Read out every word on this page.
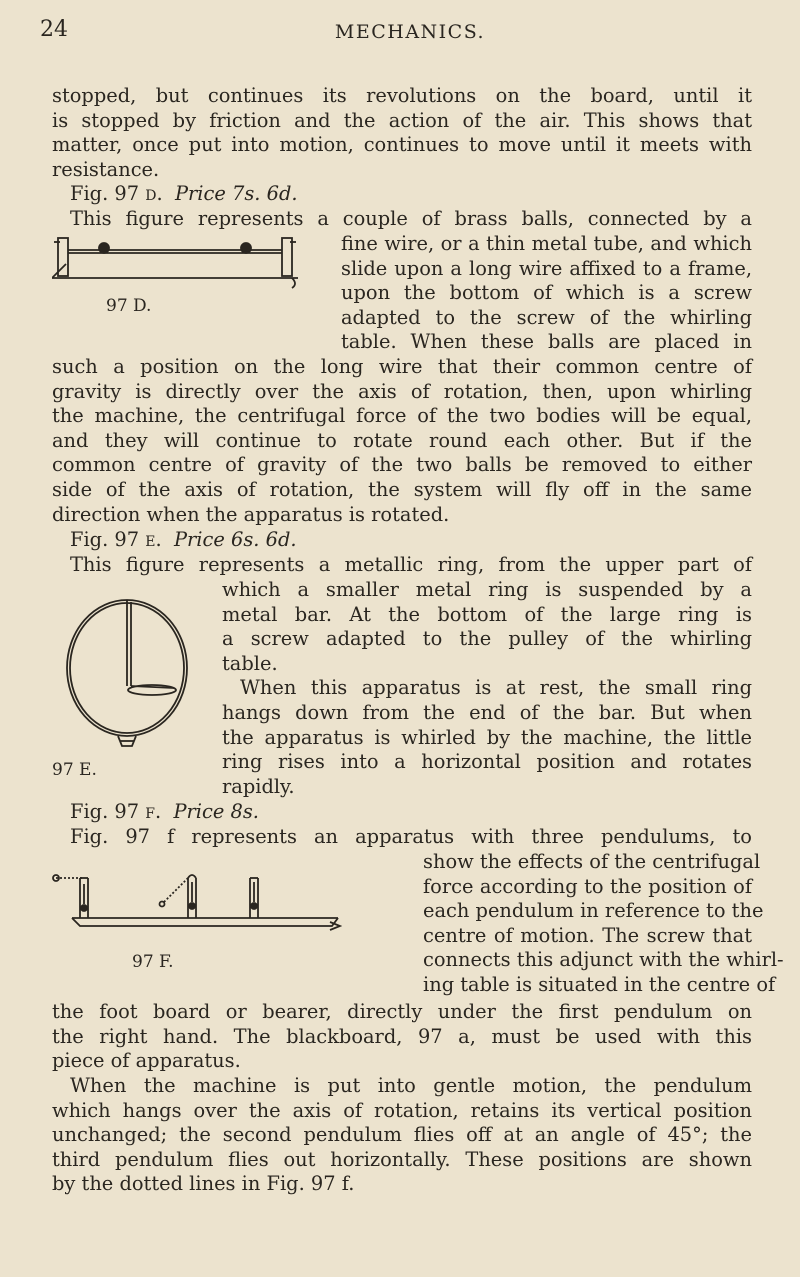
24	MECHANICS.
stopped, but continues its revolutions on the board, until it
is stopped by friction and the action of the air. This shows that
matter, once put into motion, continues to move until it meets with
resistance.
Fig. 97 d. Price 7s. 6d.
This figure represents a couple of brass balls, connected by a
97 D.
fine wire, or a thin metal tube, and which
slide upon a long wire affixed to a frame,
upon the bottom of which is a screw
adapted to the screw of the whirling
table. When these balls are placed in
such a position on the long wire that their common centre of
gravity is directly over the axis of rotation, then, upon whirling
the machine, the centrifugal force of the two bodies will be equal,
and they will continue to rotate round each other. But if the
common centre of gravity of the two balls be removed to either
side of the axis of rotation, the system will fly off in the same
direction when the apparatus is rotated.
Fig. 97 e. Price 6s. 6d.
This figure represents a metallic ring, from the upper part of
97 E.
which a smaller metal ring is suspended by a
metal bar. At the bottom of the large ring is
a screw adapted to the pulley of the whirling
table.
When this apparatus is at rest, the small ring
hangs down from the end of the bar. But when
the apparatus is whirled by the machine, the little
ring rises into a horizontal position and rotates
rapidly.
Fig. 97 f. Price 8s.
Fig. 97 f represents an apparatus with three pendulums, to
97 F.
show the effects of the centrifugal
force according to the position of
each pendulum in reference to the
centre of motion. The screw that
connects this adjunct with the whirl-
ing table is situated in the centre of
the foot board or bearer, directly under the first pendulum on
the right hand. The blackboard, 97 a, must be used with this
piece of apparatus.
When the machine is put into gentle motion, the pendulum
which hangs over the axis of rotation, retains its vertical position
unchanged; the second pendulum flies off at an angle of 45°; the
third pendulum flies out horizontally. These positions are shown
by the dotted lines in Fig. 97 f.
